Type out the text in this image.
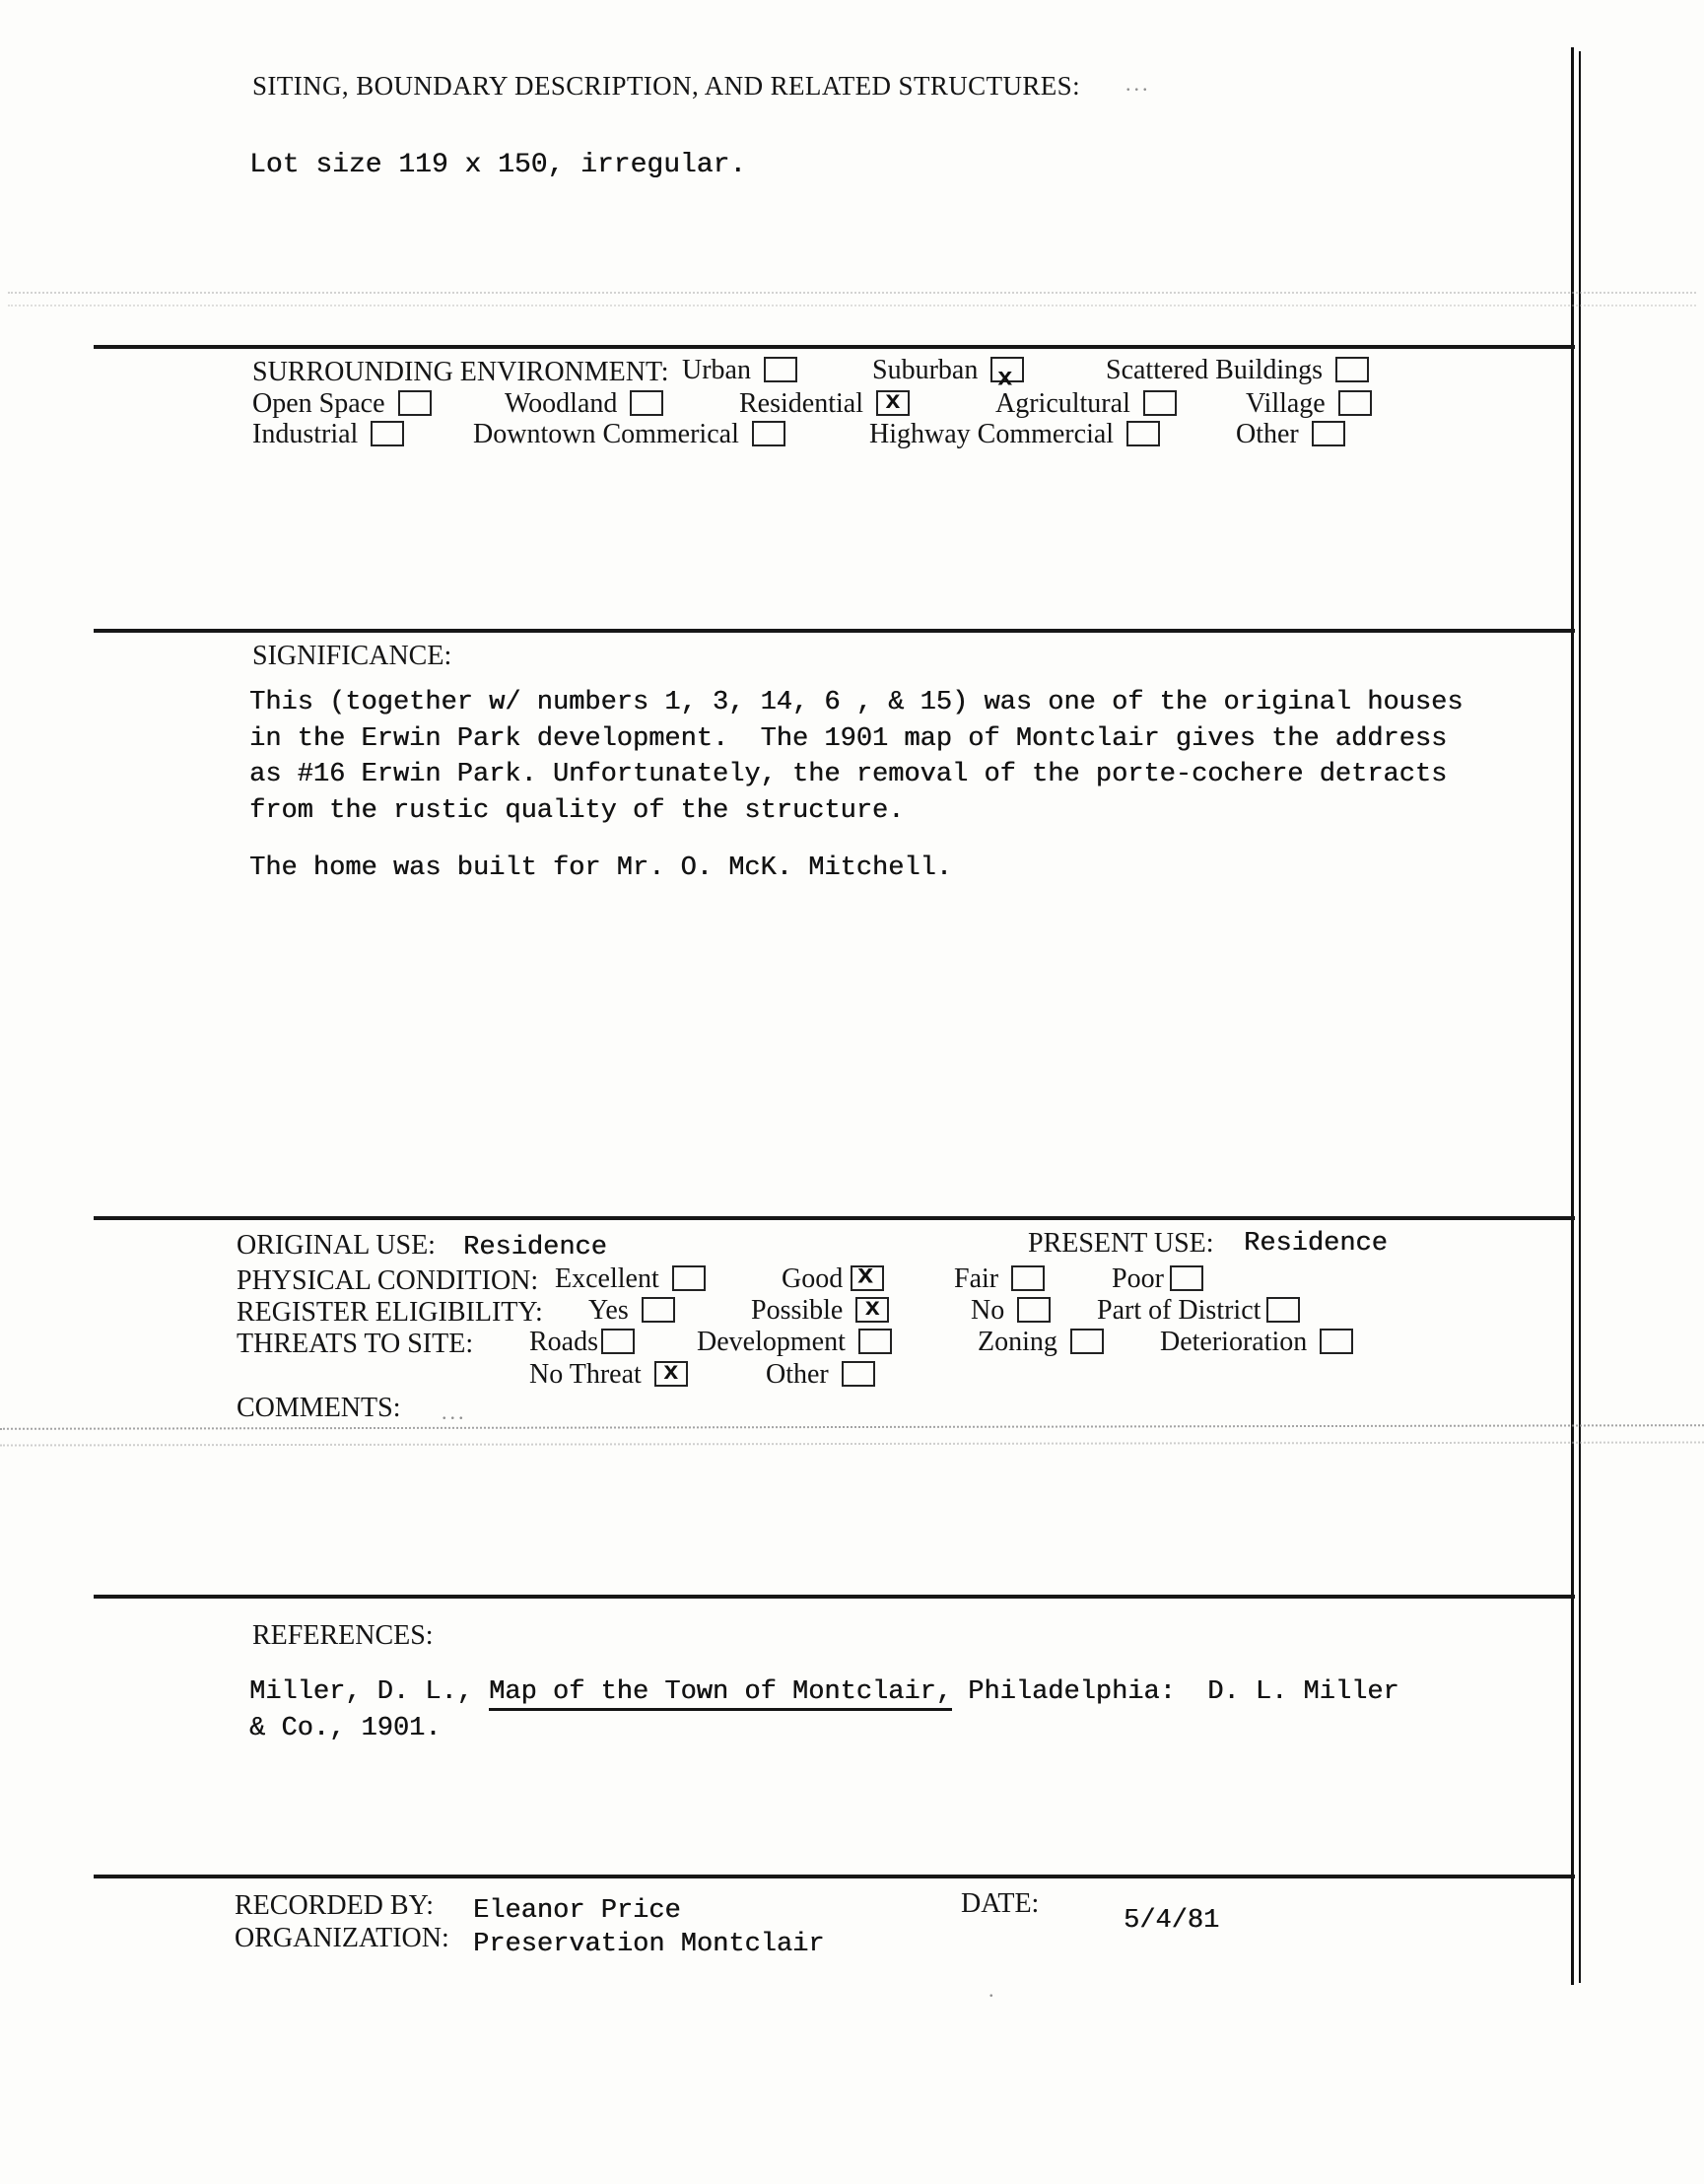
SITING, BOUNDARY DESCRIPTION, AND RELATED STRUCTURES: ...
Lot size 119 x 150, irregular.
SURROUNDING ENVIRONMENT: Urban	Suburban x	Scattered Buildings
Open Space	Woodland	Residential x	Agricultural	Village
Industrial	Downtown Commerical	Highway Commercial	Other
SIGNIFICANCE:
This (together w/ numbers 1, 3, 14, 6 , & 15) was one of the original houses
in the Erwin Park development.  The 1901 map of Montclair gives the address
as #16 Erwin Park. Unfortunately, the removal of the porte-cochere detracts
from the rustic quality of the structure.
The home was built for Mr. O. McK. Mitchell.
ORIGINAL USE: Residence	PRESENT USE: Residence
PHYSICAL CONDITION: Excellent	Good x	Fair	Poor
REGISTER ELIGIBILITY: Yes	Possible x	No	Part of District
THREATS TO SITE: Roads	Development	Zoning	Deterioration
No Threat x	Other
COMMENTS: ...
REFERENCES:
Miller, D. L., Map of the Town of Montclair, Philadelphia:  D. L. Miller
& Co., 1901.
RECORDED BY: Eleanor Price	DATE:
5/4/81
ORGANIZATION: Preservation Montclair
.
